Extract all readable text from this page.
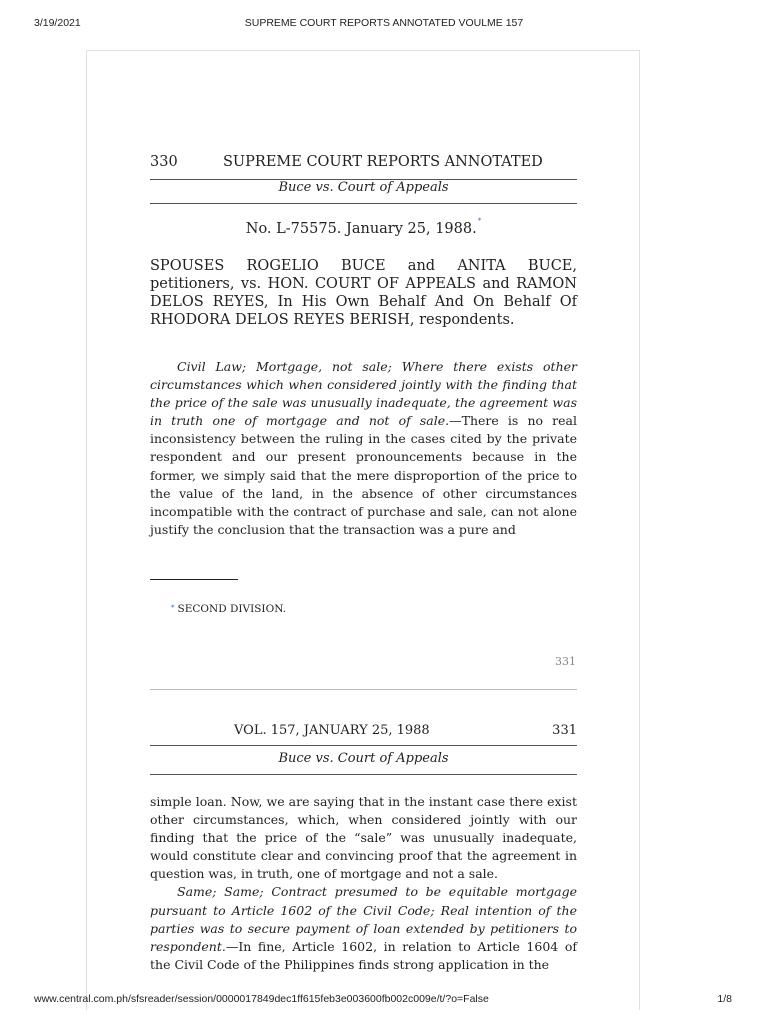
3/19/2021	SUPREME COURT REPORTS ANNOTATED VOULME 157
330	SUPREME COURT REPORTS ANNOTATED
Buce vs. Court of Appeals
No. L-75575. January 25, 1988.*
SPOUSES ROGELIO BUCE and ANITA BUCE, petitioners, vs. HON. COURT OF APPEALS and RAMON DELOS REYES, In His Own Behalf And On Behalf Of RHODORA DELOS REYES BERISH, respondents.

Civil Law; Mortgage, not sale; Where there exists other circumstances which when considered jointly with the finding that the price of the sale was unusually inadequate, the agreement was in truth one of mortgage and not of sale.—There is no real inconsistency between the ruling in the cases cited by the private respondent and our present pronouncements because in the former, we simply said that the mere disproportion of the price to the value of the land, in the absence of other circumstances incompatible with the contract of purchase and sale, can not alone justify the conclusion that the transaction was a pure and

* SECOND DIVISION.
331
VOL. 157, JANUARY 25, 1988	331
Buce vs. Court of Appeals

simple loan. Now, we are saying that in the instant case there exist other circumstances, which, when considered jointly with our finding that the price of the “sale” was unusually inadequate, would constitute clear and convincing proof that the agreement in question was, in truth, one of mortgage and not a sale.

Same; Same; Contract presumed to be equitable mortgage pursuant to Article 1602 of the Civil Code; Real intention of the parties was to secure payment of loan extended by petitioners to respondent.—In fine, Article 1602, in relation to Article 1604 of the Civil Code of the Philippines finds strong application in the

www.central.com.ph/sfsreader/session/0000017849dec1ff615feb3e003600fb002c009e/t/?o=False	1/8
